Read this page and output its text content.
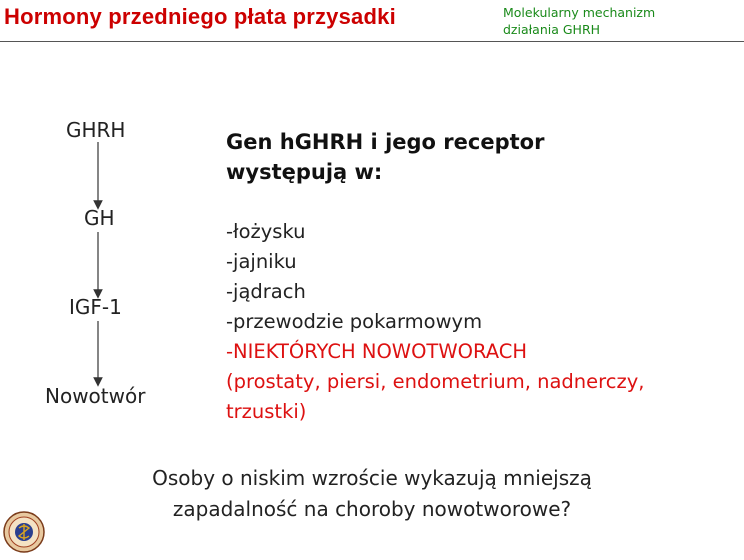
Hormony przedniego płata przysadki	Molekularny mechanizm
działania GHRH
GHRH
GH
IGF-1
Nowotwór
Gen hGHRH i jego receptor
występują w:
-łożysku
-jajniku
-jądrach
-przewodzie pokarmowym
-NIEKTÓRYCH NOWOTWORACH
(prostaty, piersi, endometrium, nadnerczy,
trzustki)
Osoby o niskim wzroście wykazują mniejszą
zapadalność na choroby nowotworowe?
